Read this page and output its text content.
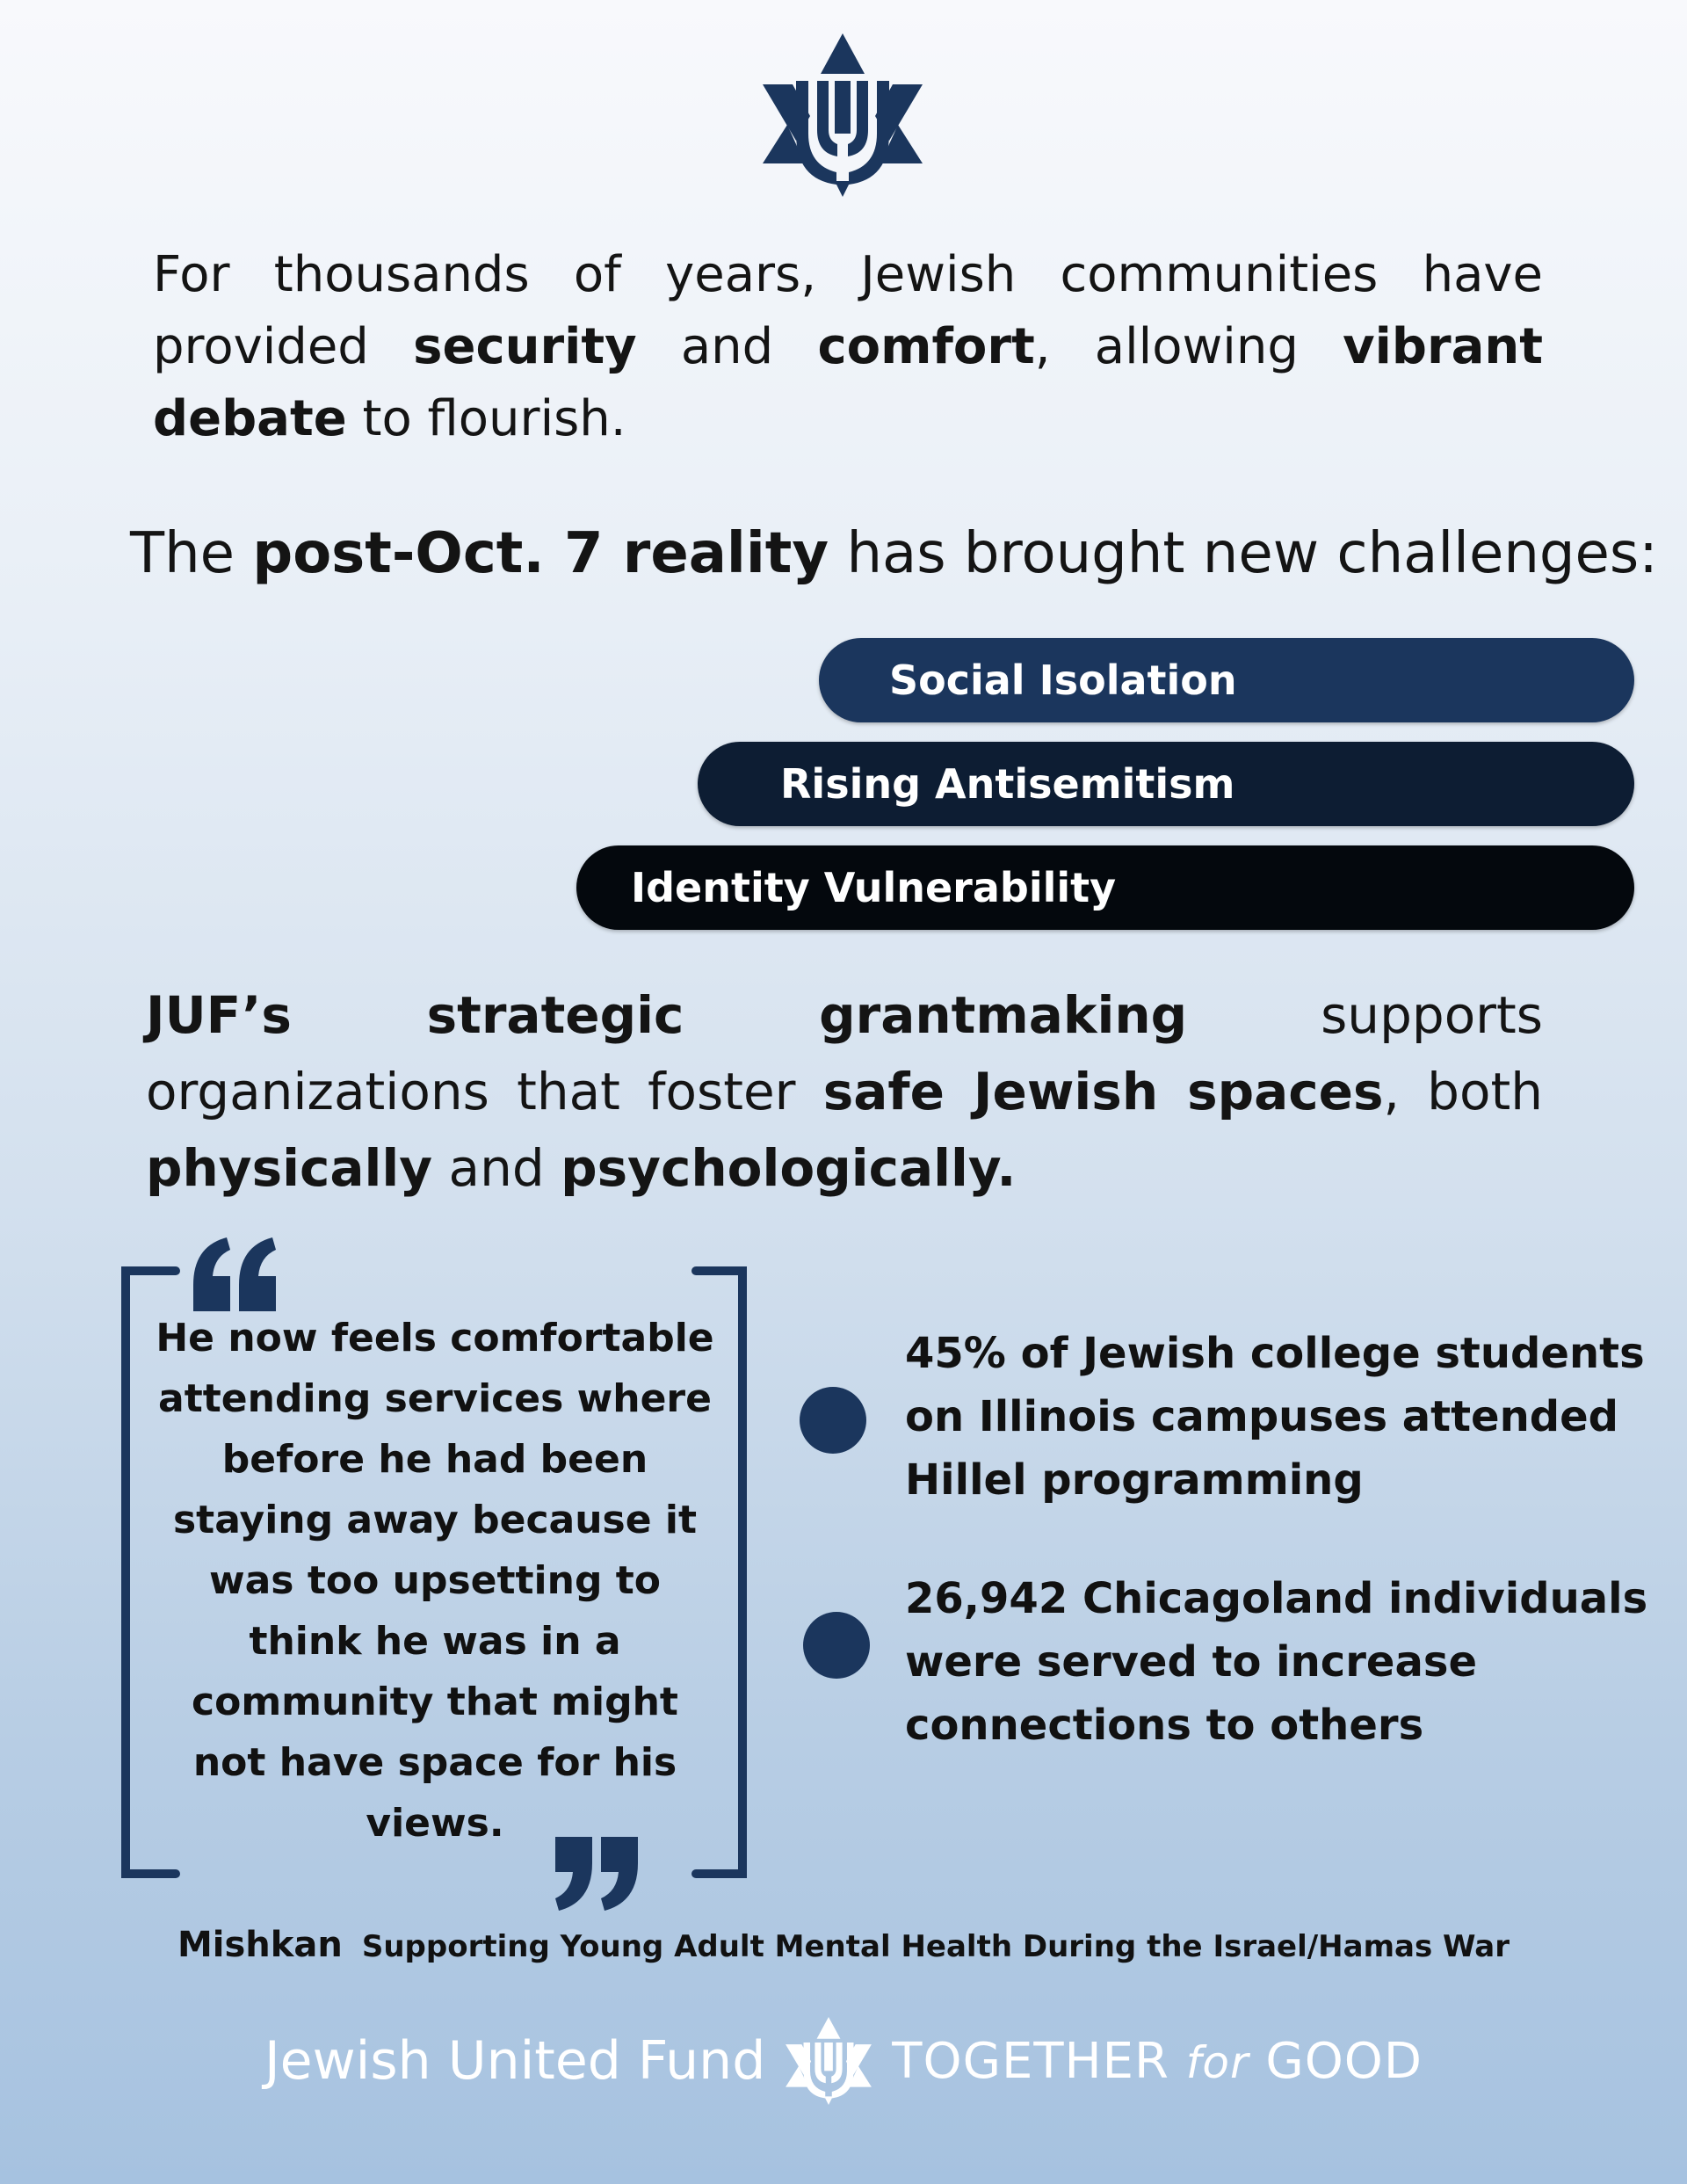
For thousands of years, Jewish communities have provided security and comfort, allowing vibrant debate to flourish.
The post-Oct. 7 reality has brought new challenges:
Social Isolation
Rising Antisemitism
Identity Vulnerability
JUF’s strategic grantmaking supports organizations that foster safe Jewish spaces, both physically and psychologically.
He now feels comfortable attending services where before he had been staying away because it was too upsetting to think he was in a community that might not have space for his views.
45% of Jewish college students on Illinois campuses attended Hillel programming
26,942 Chicagoland individuals were served to increase connections to others
Mishkan Supporting Young Adult Mental Health During the Israel/Hamas War
Jewish United Fund	TOGETHER for GOOD
